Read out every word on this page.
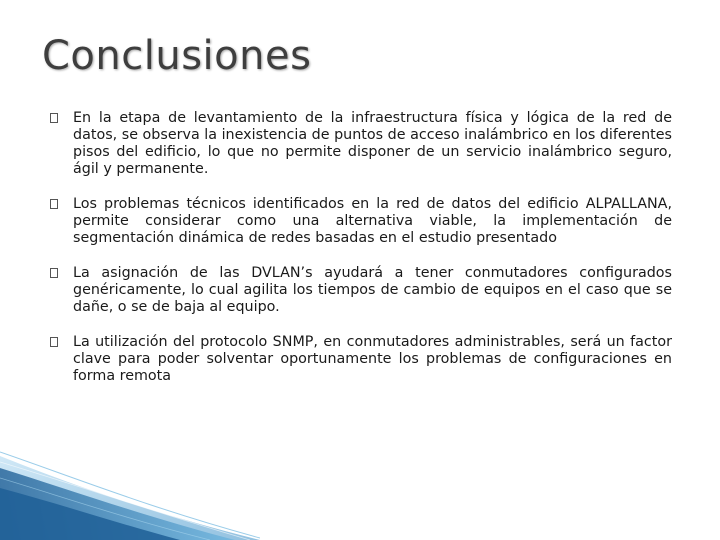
Conclusiones
En la etapa de levantamiento de la infraestructura física y lógica de la red de datos, se observa la inexistencia de puntos de acceso inalámbrico en los diferentes pisos del edificio, lo que no permite disponer de un servicio inalámbrico seguro, ágil y permanente.
Los problemas técnicos identificados en la red de datos del edificio ALPALLANA, permite considerar como una alternativa viable, la implementación de segmentación dinámica de redes basadas en el estudio presentado
La asignación de las DVLAN’s ayudará a tener conmutadores configurados genéricamente, lo cual agilita los tiempos de cambio de equipos en el caso que se dañe, o se de baja al equipo.
La utilización del protocolo SNMP, en conmutadores administrables, será un factor clave para poder solventar oportunamente los problemas de configuraciones en forma remota
